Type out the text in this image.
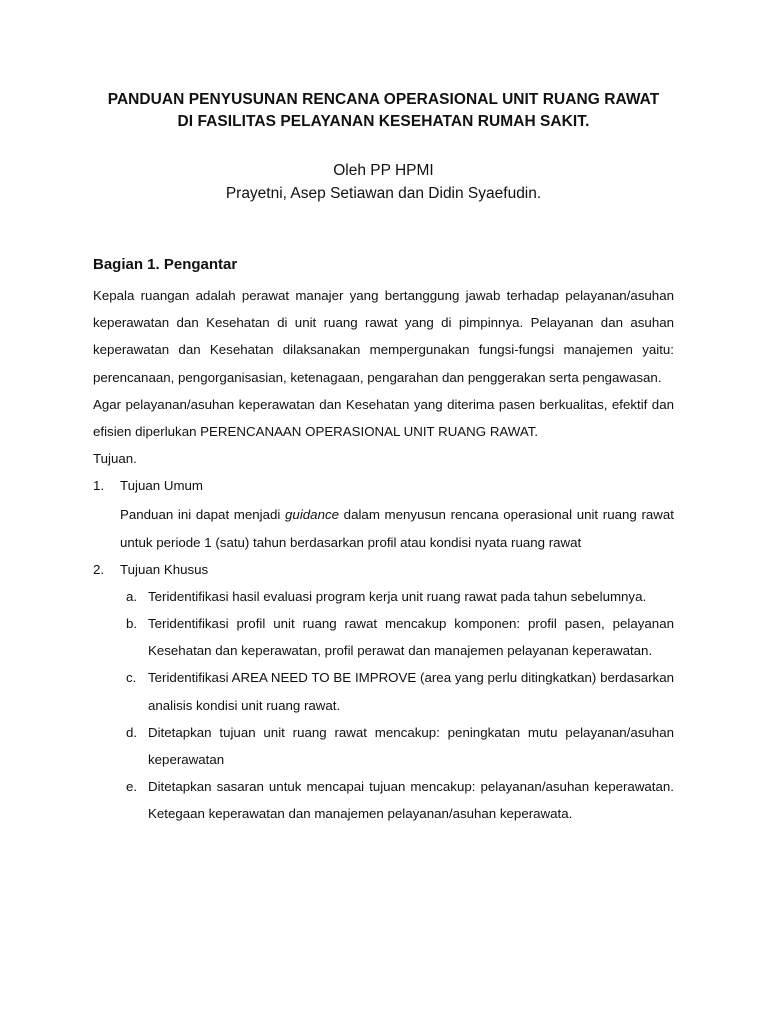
PANDUAN PENYUSUNAN RENCANA OPERASIONAL UNIT RUANG RAWAT
DI FASILITAS PELAYANAN KESEHATAN RUMAH SAKIT.
Oleh PP HPMI
Prayetni, Asep Setiawan dan Didin Syaefudin.
Bagian 1. Pengantar

Kepala ruangan adalah perawat manajer yang bertanggung jawab terhadap pelayanan/asuhan keperawatan dan Kesehatan di unit ruang rawat yang di pimpinnya. Pelayanan dan asuhan keperawatan dan Kesehatan dilaksanakan mempergunakan fungsi-fungsi manajemen yaitu: perencanaan, pengorganisasian, ketenagaan, pengarahan dan penggerakan serta pengawasan.

Agar pelayanan/asuhan keperawatan dan Kesehatan yang diterima pasen berkualitas, efektif dan efisien diperlukan PERENCANAAN OPERASIONAL UNIT RUANG RAWAT.

Tujuan.

1. Tujuan Umum

Panduan ini dapat menjadi guidance dalam menyusun rencana operasional unit ruang rawat untuk periode 1 (satu) tahun berdasarkan profil atau kondisi nyata ruang rawat

2. Tujuan Khusus
a. Teridentifikasi hasil evaluasi program kerja unit ruang rawat pada tahun sebelumnya.
b. Teridentifikasi profil unit ruang rawat mencakup komponen: profil pasen, pelayanan Kesehatan dan keperawatan, profil perawat dan manajemen pelayanan keperawatan.
c. Teridentifikasi AREA NEED TO BE IMPROVE (area yang perlu ditingkatkan) berdasarkan analisis kondisi unit ruang rawat.
d. Ditetapkan tujuan unit ruang rawat mencakup: peningkatan mutu pelayanan/asuhan keperawatan
e. Ditetapkan sasaran untuk mencapai tujuan mencakup: pelayanan/asuhan keperawatan. Ketegaan keperawatan dan manajemen pelayanan/asuhan keperawata.
